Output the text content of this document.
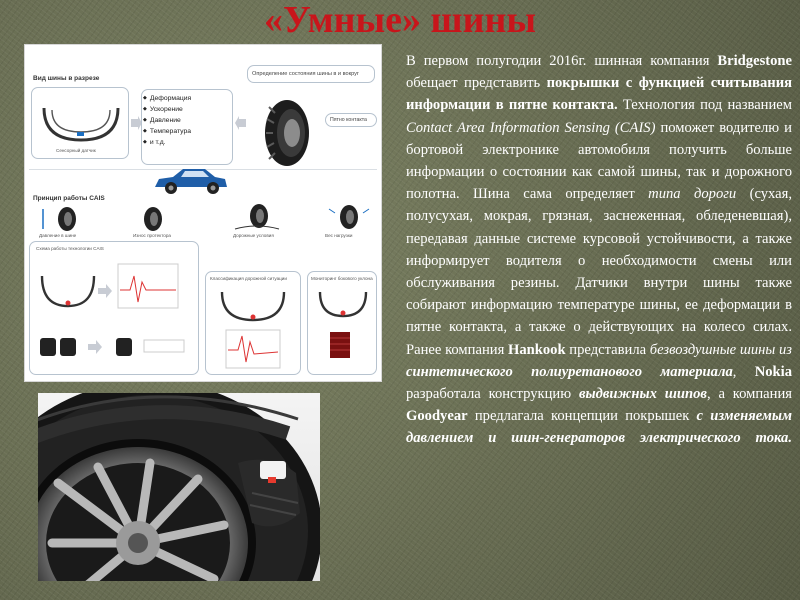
«Умные» шины
Вид шины в разрезе
Сенсорный датчик
◆ Деформация
◆ Ускорение
◆ Давление
◆ Температура
◆ и т.д.
Определение состояния шины в и вокруг
Пятно контакта
Принцип работы CAIS
Давление в шине	Износ протектора	Дорожные условия	Вес нагрузки
Схема работы технологии CAIS
Классификация дорожной ситуации	Мониторинг бокового уклона
В первом полугодии 2016г. шинная компания Bridgestone обещает представить покрышки с функцией считывания информации в пятне контакта. Технология под названием Contact Area Information Sensing (CAIS) поможет водителю и бортовой электронике автомобиля получить больше информации о состоянии как самой шины, так и дорожного полотна. Шина сама определяет типа дороги (сухая, полусухая, мокрая, грязная, заснеженная, обледеневшая), передавая данные системе курсовой устойчивости, а также информирует водителя о необходимости смены или обслуживания резины. Датчики внутри шины также собирают информацию температуре шины, ее деформации в пятне контакта, а также о действующих на колесо силах.
Ранее компания Hankook представила безвоздушные шины из синтетического полиуретанового материала, Nokia разработала конструкцию выдвижных шипов, а компания Goodyear предлагала концепции покрышек с изменяемым давлением и шин-генераторов электрического тока.
